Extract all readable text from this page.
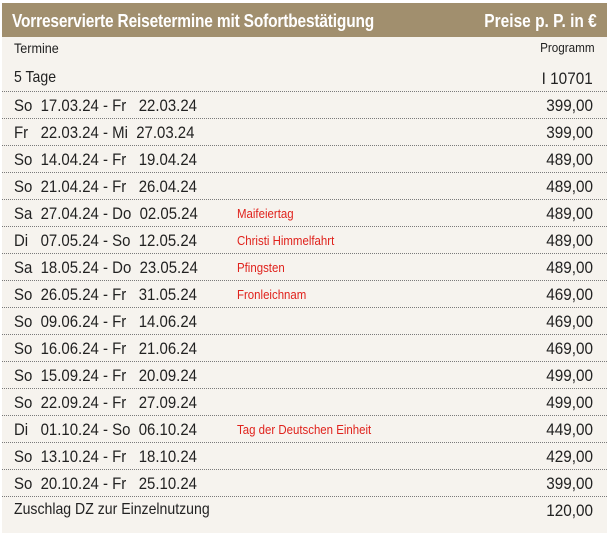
Vorreservierte Reisetermine mit Sofortbestätigung	Preise p. P. in €
Termine	Programm
5 Tage	I 10701
So  17.03.24 - Fr   22.03.24	399,00
Fr   22.03.24 - Mi  27.03.24	399,00
So  14.04.24 - Fr   19.04.24	489,00
So  21.04.24 - Fr   26.04.24	489,00
Sa  27.04.24 - Do  02.05.24	Maifeiertag	489,00
Di   07.05.24 - So  12.05.24	Christi Himmelfahrt	489,00
Sa  18.05.24 - Do  23.05.24	Pfingsten	489,00
So  26.05.24 - Fr   31.05.24	Fronleichnam	469,00
So  09.06.24 - Fr   14.06.24	469,00
So  16.06.24 - Fr   21.06.24	469,00
So  15.09.24 - Fr   20.09.24	499,00
So  22.09.24 - Fr   27.09.24	499,00
Di   01.10.24 - So  06.10.24	Tag der Deutschen Einheit	449,00
So  13.10.24 - Fr   18.10.24	429,00
So  20.10.24 - Fr   25.10.24	399,00
Zuschlag DZ zur Einzelnutzung	120,00
